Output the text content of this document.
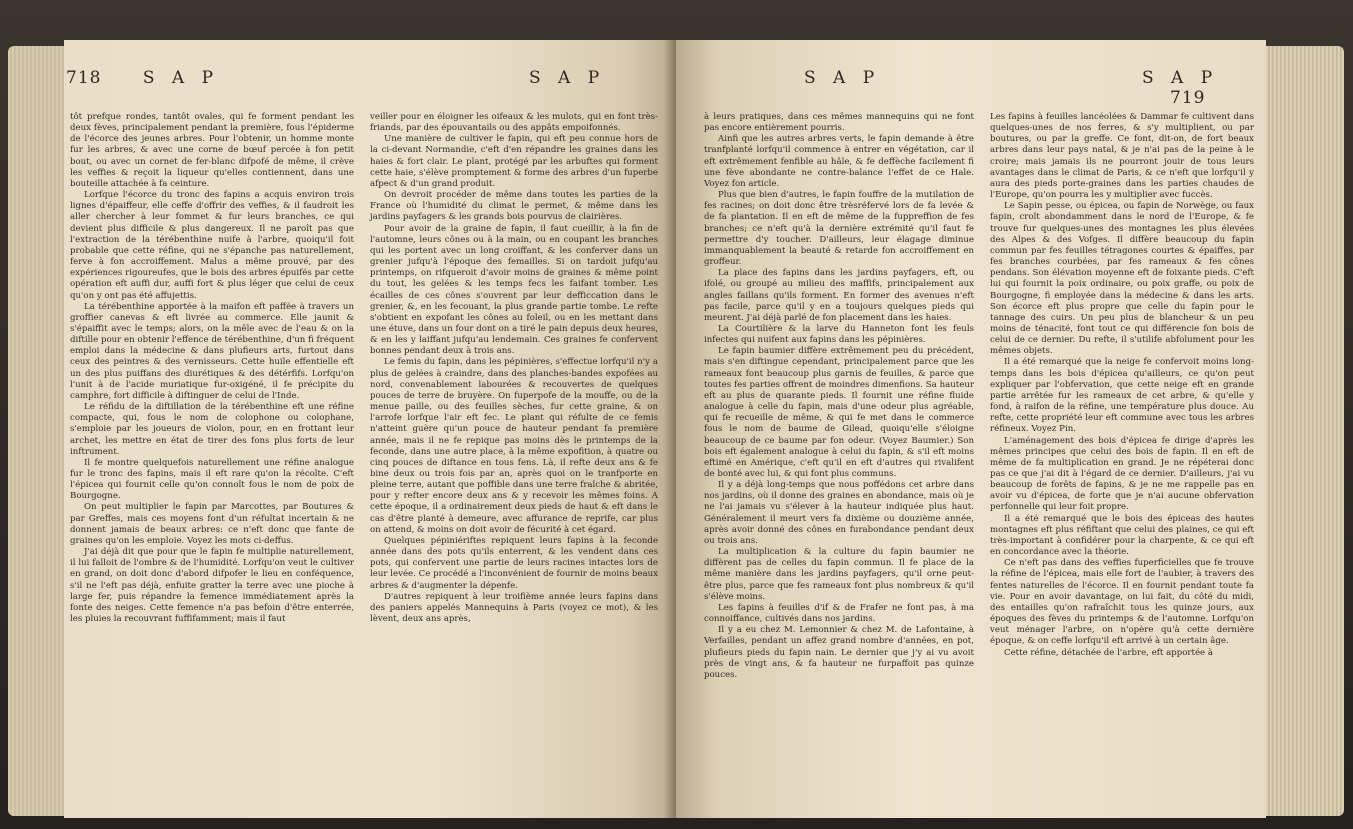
718 S A P	S A P

tôt prefque rondes, tantôt ovales, qui fe forment pendant les deux fèves, principalement pendant la première, fous l'épiderme de l'écorce des jeunes arbres. Pour l'obtenir, un homme monte fur les arbres, & avec une corne de bœuf percée à fon petit bout, ou avec un cornet de fer-blanc difpofé de même, il crève les veffies & reçoit la liqueur qu'elles contiennent, dans une bouteille attachée à fa ceinture.

Lorfque l'écorce du tronc des fapins a acquis environ trois lignes d'épaiffeur, elle ceffe d'offrir des veffies, & il faudroit les aller chercher à leur fommet & fur leurs branches, ce qui devient plus difficile & plus dangereux. Il ne paroît pas que l'extraction de la térébenthine nuife à l'arbre, quoiqu'il foit probable que cette réfine, qui ne s'épanche pas naturellement, ferve à fon accroiffement. Malus a même prouvé, par des expériences rigoureufes, que le bois des arbres épuifés par cette opération eft auffi dur, auffi fort & plus léger que celui de ceux qu'on y ont pas été affujettis.

La térébenthine apportée à la maifon eft paffée à travers un groffier canevas & eft livrée au commerce. Elle jaunit & s'épaiffit avec le temps; alors, on la mêle avec de l'eau & on la diftille pour en obtenir l'effence de térébenthine, d'un fi fréquent emploi dans la médecine & dans plufieurs arts, furtout dans ceux des peintres & des vernisseurs. Cette huile effentielle eft un des plus puiffans des diurétiques & des détérfifs. Lorfqu'on l'unit à de l'acide muriatique fur-oxigéné, il fe précipite du camphre, fort difficile à diftinguer de celui de l'Inde.

Le réfidu de la diftillation de la térébenthine eft une réfine compacte, qui, fous le nom de colophone ou colophane, s'emploie par les joueurs de violon, pour, en en frottant leur archet, les mettre en état de tirer des fons plus forts de leur inftrument.

Il fe montre quelquefois naturellement une réfine analogue fur le tronc des fapins, mais il eft rare qu'on la récolte. C'eft l'épicea qui fournit celle qu'on connoît fous le nom de poix de Bourgogne.

On peut multiplier le fapin par Marcottes, par Boutures & par Greffes, mais ces moyens font d'un réfultat incertain & ne donnent jamais de beaux arbres: ce n'eft donc que fante de graines qu'on les emploie. Voyez les mots ci-deffus.

J'ai déjà dit que pour que le fapin fe multiplie naturellement, il lui falloit de l'ombre & de l'humidité. Lorfqu'on veut le cultiver en grand, on doit donc d'abord difpofer le lieu en conféquence, s'il ne l'eft pas déjà, enfuite gratter la terre avec une pioche à large fer, puis répandre la femence immédiatement après la fonte des neiges. Cette femence n'a pas befoin d'être enterrée, les pluies la recouvrant fuffifamment; mais il faut

veiller pour en éloigner les oifeaux & les mulots, qui en font très-friands, par des épouvantails ou des appâts empoifonnés.

Une manière de cultiver le fapin, qui eft peu connue hors de la ci-devant Normandie, c'eft d'en répandre les graines dans les haies & fort clair. Le plant, protégé par les arbuftes qui forment cette haie, s'élève promptement & forme des arbres d'un fuperbe afpect & d'un grand produit.

On devroit procéder de même dans toutes les parties de la France où l'humidité du climat le permet, & même dans les jardins payfagers & les grands bois pourvus de clairières.

Pour avoir de la graine de fapin, il faut cueillir, à la fin de l'automne, leurs cônes ou à la main, ou en coupant les branches qui les portent avec un long croiffant, & les conferver dans un grenier jufqu'à l'époque des femailles. Si on tardoit jufqu'au printemps, on rifqueroit d'avoir moins de graines & même point du tout, les gelées & les temps fecs les faifant tomber. Les écailles de ces cônes s'ouvrent par leur defficcation dans le grenier, &, en les fecouant, la plus grande partie tombe. Le refte s'obtient en expofant les cônes au foleil, ou en les mettant dans une étuve, dans un four dont on a tiré le pain depuis deux heures, & en les y laiffant jufqu'au lendemain. Ces graines fe confervent bonnes pendant deux à trois ans.

Le femis du fapin, dans les pépinières, s'effectue lorfqu'il n'y a plus de gelées à craindre, dans des planches-bandes expofées au nord, convenablement labourées & recouvertes de quelques pouces de terre de bruyère. On fuperpofe de la mouffe, ou de la menue paille, ou des feuilles sèches, fur cette graine, & on l'arrofe lorfque l'air eft fec. Le plant qui réfulte de ce femis n'atteint guère qu'un pouce de hauteur pendant fa première année, mais il ne fe repique pas moins dès le printemps de la feconde, dans une autre place, à la même expofition, à quatre ou cinq pouces de diftance en tous fens. Là, il refte deux ans & fe bine deux ou trois fois par an, après quoi on le tranfporte en pleine terre, autant que poffible dans une terre fraîche & abritée, pour y refter encore deux ans & y recevoir les mêmes foins. A cette époque, il a ordinairement deux pieds de haut & eft dans le cas d'être planté à demeure, avec affurance de reprife, car plus on attend, & moins on doit avoir de fécurité à cet égard.

Quelques pépiniériftes repiquent leurs fapins à la feconde année dans des pots qu'ils enterrent, & les vendent dans ces pots, qui confervent une partie de leurs racines intactes lors de leur levée. Ce procédé a l'inconvénient de fournir de moins beaux arbres & d'augmenter la dépenfe.

D'autres repiquent à leur troifième année leurs fapins dans des paniers appelés Mannequins à Paris (voyez ce mot), & les lèvent, deux ans après,

S A P	S A P 719

à leurs pratiques, dans ces mêmes mannequins qui ne font pas encore entièrement pourris.

Ainfi que les autres arbres verts, le fapin demande à être tranfplanté lorfqu'il commence à entrer en végétation, car il eft extrêmement fenfible au hâle, & fe deffèche facilement fi une fève abondante ne contre-balance l'effet de ce Hale. Voyez fon article.

Plus que bien d'autres, le fapin fouffre de la mutilation de fes racines; on doit donc être trèsréfervé lors de fa levée & de fa plantation. Il en eft de même de la fuppreffion de fes branches; ce n'eft qu'à la dernière extrémité qu'il faut fe permettre d'y toucher. D'ailleurs, leur élagage diminue immanquablement la beauté & retarde fon accroiffement en groffeur.

La place des fapins dans les jardins payfagers, eft, ou ifolé, ou groupé au milieu des maffifs, principalement aux angles faillans qu'ils forment. En former des avenues n'eft pas facile, parce qu'il y en a toujours quelques pieds qui meurent. J'ai déjà parlé de fon placement dans les haies.

La Courtilière & la larve du Hanneton font les feuls infectes qui nuifent aux fapins dans les pépinières.

Le fapin baumier diffère extrêmement peu du précédent, mais s'en diftingue cependant, principalement parce que les rameaux font beaucoup plus garnis de feuilles, & parce que toutes fes parties offrent de moindres dimenfions. Sa hauteur eft au plus de quarante pieds. Il fournit une réfine fluide analogue à celle du fapin, mais d'une odeur plus agréable, qui fe recueille de même, & qui fe met dans le commerce fous le nom de baume de Gilead, quoiqu'elle s'éloigne beaucoup de ce baume par fon odeur. (Voyez Baumier.) Son bois eft également analogue à celui du fapin, & s'il eft moins eftimé en Amérique, c'eft qu'il en eft d'autres qui rivalifent de bonté avec lui, & qui font plus communs.

Il y a déjà long-temps que nous poffédons cet arbre dans nos jardins, où il donne des graines en abondance, mais où je ne l'ai jamais vu s'élever à la hauteur indiquée plus haut. Généralement il meurt vers fa dixième ou douzième année, après avoir donné des cônes en furabondance pendant deux ou trois ans.

La multiplication & la culture du fapin baumier ne diffèrent pas de celles du fapin commun. Il fe place de la même manière dans les jardins payfagers, qu'il orne peut-être plus, parce que fes rameaux font plus nombreux & qu'il s'élève moins.

Les fapins à feuilles d'if & de Frafer ne font pas, à ma connoiffance, cultivés dans nos jardins.

Il y a eu chez M. Lemonnier & chez M. de Lafontaine, à Verfailles, pendant un affez grand nombre d'années, en pot, plufieurs pieds du fapin nain. Le dernier que j'y ai vu avoit près de vingt ans, & fa hauteur ne furpaffoit pas quinze pouces.

Les fapins à feuilles lancéolées & Dammar fe cultivent dans quelques-unes de nos ferres, & s'y multiplient, ou par boutures, ou par la greffe. Ce font, dit-on, de fort beaux arbres dans leur pays natal, & je n'ai pas de la peine à le croire; mais jamais ils ne pourront jouir de tous leurs avantages dans le climat de Paris, & ce n'eft que lorfqu'il y aura des pieds porte-graines dans les parties chaudes de l'Europe, qu'on pourra les y multiplier avec fuccès.

Le Sapin pesse, ou épicea, ou fapin de Norwège, ou faux fapin, croît abondamment dans le nord de l'Europe, & fe trouve fur quelques-unes des montagnes les plus élevées des Alpes & des Vofges. Il diffère beaucoup du fapin commun par fes feuilles tétragones courtes & épaiffes, par fes branches courbées, par fes rameaux & fes cônes pendans. Son élévation moyenne eft de foixante pieds. C'eft lui qui fournit la poix ordinaire, ou poix graffe, ou poix de Bourgogne, fi employée dans la médecine & dans les arts. Son écorce eft plus propre que celle du fapin pour le tannage des cuirs. Un peu plus de blancheur & un peu moins de ténacité, font tout ce qui différencie fon bois de celui de ce dernier. Du refte, il s'utilife abfolument pour les mêmes objets.

Il a été remarqué que la neige fe confervoit moins long-temps dans les bois d'épicea qu'ailleurs, ce qu'on peut expliquer par l'obfervation, que cette neige eft en grande partie arrêtée fur les rameaux de cet arbre, & qu'elle y fond, à raifon de la réfine, une température plus douce. Au refte, cette propriété leur eft commune avec tous les arbres réfineux. Voyez Pin.

L'aménagement des bois d'épicea fe dirige d'après les mêmes principes que celui des bois de fapin. Il en eft de même de fa multiplication en grand. Je ne répéterai donc pas ce que j'ai dit à l'égard de ce dernier. D'ailleurs, j'ai vu beaucoup de forêts de fapins, & je ne me rappelle pas en avoir vu d'épicea, de forte que je n'ai aucune obfervation perfonnelle qui leur foit propre.

Il a été remarqué que le bois des épiceas des hautes montagnes eft plus réfiftant que celui des plaines, ce qui eft très-important à confidérer pour la charpente, & ce qui eft en concordance avec la théorie.

Ce n'eft pas dans des veffies fuperficielles que fe trouve la réfine de l'épicea, mais elle fort de l'aubier, à travers des fentes naturelles de l'écorce. Il en fournit pendant toute fa vie. Pour en avoir davantage, on lui fait, du côté du midi, des entailles qu'on rafraîchit tous les quinze jours, aux époques des fèves du printemps & de l'automne. Lorfqu'on veut ménager l'arbre, on n'opère qu'à cette dernière époque, & on ceffe lorfqu'il eft arrivé à un certain âge.

Cette réfine, détachée de l'arbre, eft apportée à
